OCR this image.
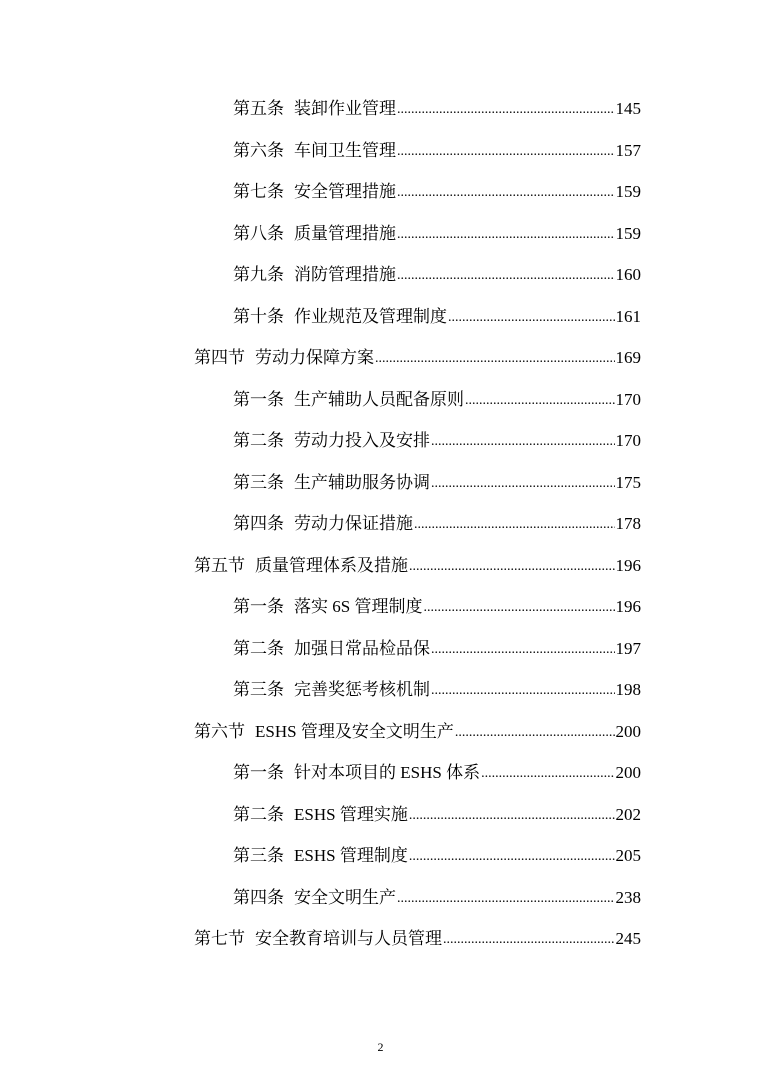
第五条 装卸作业管理 .....	145
第六条 车间卫生管理 .....	157
第七条 安全管理措施 .....	159
第八条 质量管理措施 .....	159
第九条 消防管理措施 .....	160
第十条 作业规范及管理制度 .....	161
第四节 劳动力保障方案 .....	169
第一条 生产辅助人员配备原则 .....	170
第二条 劳动力投入及安排 .....	170
第三条 生产辅助服务协调 .....	175
第四条 劳动力保证措施 .....	178
第五节 质量管理体系及措施 .....	196
第一条 落实 6S 管理制度 .....	196
第二条 加强日常品检品保 .....	197
第三条 完善奖惩考核机制 .....	198
第六节 ESHS 管理及安全文明生产 .....	200
第一条 针对本项目的 ESHS 体系 .....	200
第二条 ESHS 管理实施 .....	202
第三条 ESHS 管理制度 .....	205
第四条 安全文明生产 .....	238
第七节 安全教育培训与人员管理 .....	245
2
